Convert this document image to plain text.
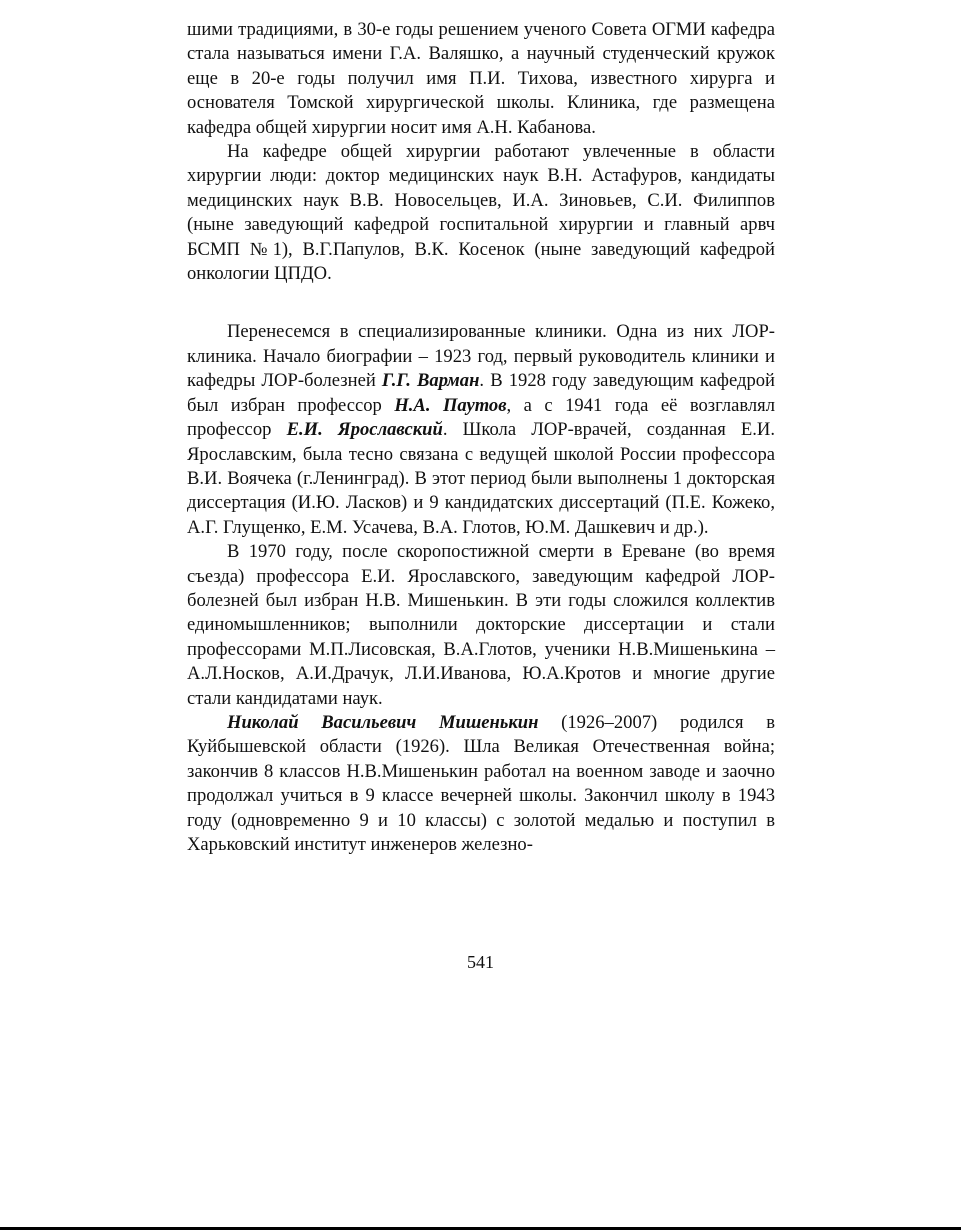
шими традициями, в 30-е годы решением ученого Совета ОГМИ кафедра стала называться имени Г.А. Валяшко, а научный студенческий кружок еще в 20-е годы получил имя П.И. Тихова, известного хирурга и основателя Томской хирургической школы. Клиника, где размещена кафедра общей хирургии носит имя А.Н. Кабанова.

На кафедре общей хирургии работают увлеченные в области хирургии люди: доктор медицинских наук В.Н. Астафуров, кандидаты медицинских наук В.В. Новосельцев, И.А. Зиновьев, С.И. Филиппов (ныне заведующий кафедрой госпитальной хирургии и главный арвч БСМП №1), В.Г.Папулов, В.К. Косенок (ныне заведующий кафедрой онкологии ЦПДО.

Перенесемся в специализированные клиники. Одна из них ЛОР-клиника. Начало биографии – 1923 год, первый руководитель клиники и кафедры ЛОР-болезней Г.Г. Варман. В 1928 году заведующим кафедрой был избран профессор Н.А. Паутов, а с 1941 года её возглавлял профессор Е.И. Ярославский. Школа ЛОР-врачей, созданная Е.И. Ярославским, была тесно связана с ведущей школой России профессора В.И. Воячека (г.Ленинград). В этот период были выполнены 1 докторская диссертация (И.Ю. Ласков) и 9 кандидатских диссертаций (П.Е. Кожеко, А.Г. Глущенко, Е.М. Усачева, В.А. Глотов, Ю.М. Дашкевич и др.).

В 1970 году, после скоропостижной смерти в Ереване (во время съезда) профессора Е.И. Ярославского, заведующим кафедрой ЛОР-болезней был избран Н.В. Мишенькин. В эти годы сложился коллектив единомышленников; выполнили докторские диссертации и стали профессорами М.П.Лисовская, В.А.Глотов, ученики Н.В.Мишенькина – А.Л.Носков, А.И.Драчук, Л.И.Иванова, Ю.А.Кротов и многие другие стали кандидатами наук.

Николай Васильевич Мишенькин (1926–2007) родился в Куйбышевской области (1926). Шла Великая Отечественная война; закончив 8 классов Н.В.Мишенькин работал на военном заводе и заочно продолжал учиться в 9 классе вечерней школы. Закончил школу в 1943 году (одновременно 9 и 10 классы) с золотой медалью и поступил в Харьковский институт инженеров железно-

541
